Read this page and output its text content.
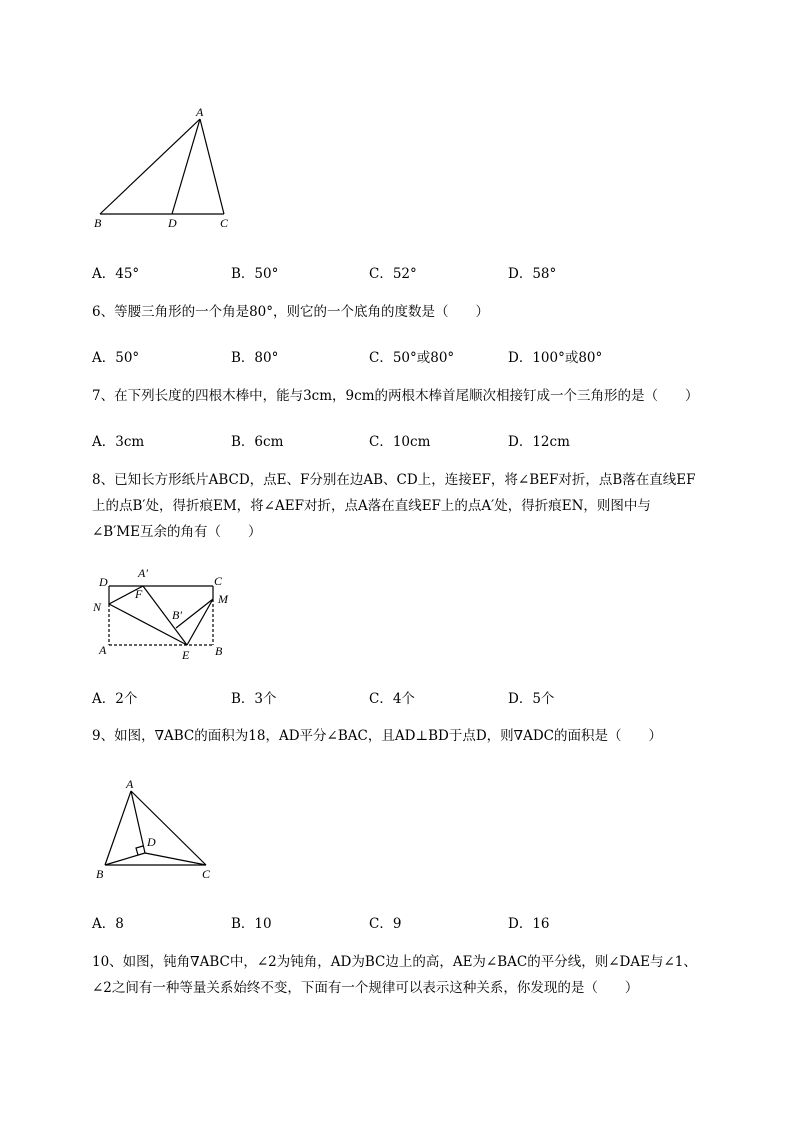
A
B	D	C
A．45°	B．50°	C．52°	D．58°
6、等腰三角形的一个角是80°，则它的一个底角的度数是（　　）
A．50°	B．80°	C．50°或80°	D．100°或80°
7、在下列长度的四根木棒中，能与3cm，9cm的两根木棒首尾顺次相接钉成一个三角形的是（　　）
A．3cm	B．6cm	C．10cm	D．12cm
8、已知长方形纸片ABCD，点E、F分别在边AB、CD上，连接EF，将∠BEF对折，点B落在直线EF
上的点B′处，得折痕EM，将∠AEF对折，点A落在直线EF上的点A′处，得折痕EN，则图中与
∠B′ME互余的角有（　　）
D
A′
C
F	M
N
B′
A	E B
A．2个	B．3个	C．4个	D．5个
9、如图，∇ABC的面积为18，AD平分∠BAC，且AD⊥BD于点D，则∇ADC的面积是（　　）
A
D
B	C
A．8	B．10	C．9	D．16
10、如图，钝角∇ABC中，∠2为钝角，AD为BC边上的高，AE为∠BAC的平分线，则∠DAE与∠1、
∠2之间有一种等量关系始终不变，下面有一个规律可以表示这种关系，你发现的是（　　）
